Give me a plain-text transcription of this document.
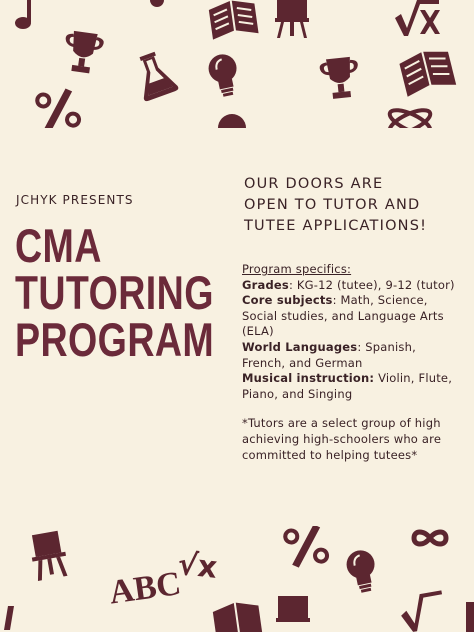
JCHYK PRESENTS
CMA
TUTORING
PROGRAM
OUR DOORS ARE
OPEN TO TUTOR AND
TUTEE APPLICATIONS!
Program specifics:
Grades: KG-12 (tutee), 9-12 (tutor)
Core subjects: Math, Science, Social studies, and Language Arts (ELA)
World Languages: Spanish, French, and German
Musical instruction: Violin, Flute, Piano, and Singing
*Tutors are a select group of high achieving high-schoolers who are committed to helping tutees*
ABC
√x
